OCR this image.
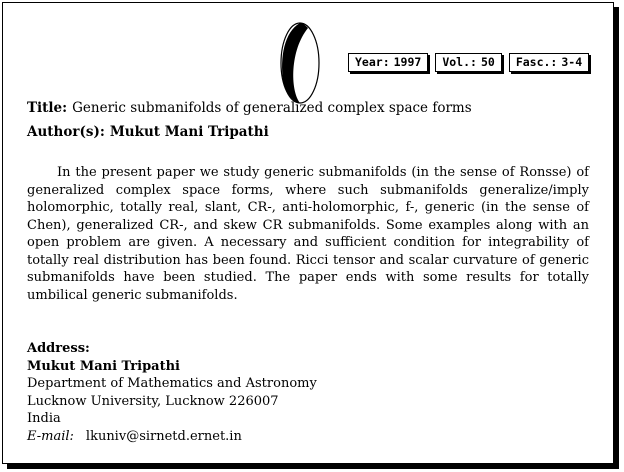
Year: 1997	Vol.: 50	Fasc.: 3-4
Title: Generic submanifolds of generalized complex space forms
Author(s): Mukut Mani Tripathi

In the present paper we study generic submanifolds (in the sense of Ronsse) of generalized complex space forms, where such submanifolds generalize/imply holomorphic, totally real, slant, CR-, anti-holomorphic, f-, generic (in the sense of Chen), generalized CR-, and skew CR submanifolds. Some examples along with an open problem are given. A necessary and sufficient condition for integrability of totally real distribution has been found. Ricci tensor and scalar curvature of generic submanifolds have been studied. The paper ends with some results for totally umbilical generic submanifolds.

Address:
Mukut Mani Tripathi
Department of Mathematics and Astronomy
Lucknow University, Lucknow 226007
India
E-mail: lkuniv@sirnetd.ernet.in
